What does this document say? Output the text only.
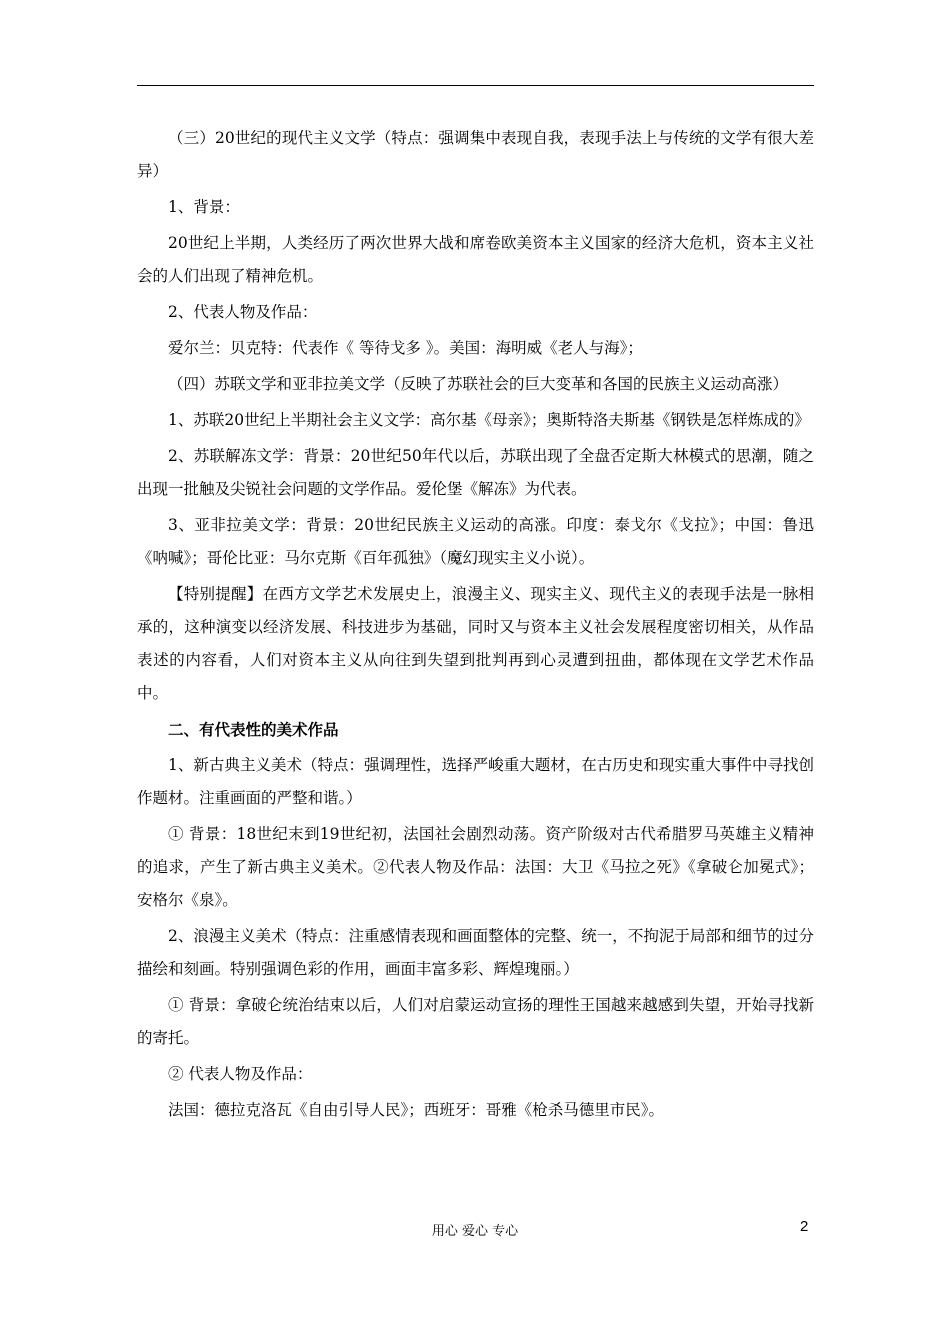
（三）20世纪的现代主义文学（特点：强调集中表现自我，表现手法上与传统的文学有很大差异）

1、背景：

20世纪上半期，人类经历了两次世界大战和席卷欧美资本主义国家的经济大危机，资本主义社会的人们出现了精神危机。

2、代表人物及作品：

爱尔兰：贝克特：代表作《 等待戈多 》。美国：海明威《老人与海》；

（四）苏联文学和亚非拉美文学（反映了苏联社会的巨大变革和各国的民族主义运动高涨）

1、苏联20世纪上半期社会主义文学：高尔基《母亲》；奥斯特洛夫斯基《钢铁是怎样炼成的》

2、苏联解冻文学：背景：20世纪50年代以后，苏联出现了全盘否定斯大林模式的思潮，随之出现一批触及尖锐社会问题的文学作品。爱伦堡《解冻》为代表。

3、亚非拉美文学：背景：20世纪民族主义运动的高涨。印度：泰戈尔《戈拉》；中国：鲁迅《呐喊》；哥伦比亚：马尔克斯《百年孤独》（魔幻现实主义小说）。

【特别提醒】在西方文学艺术发展史上，浪漫主义、现实主义、现代主义的表现手法是一脉相承的，这种演变以经济发展、科技进步为基础，同时又与资本主义社会发展程度密切相关，从作品表述的内容看，人们对资本主义从向往到失望到批判再到心灵遭到扭曲，都体现在文学艺术作品中。

二、有代表性的美术作品

1、新古典主义美术（特点：强调理性，选择严峻重大题材，在古历史和现实重大事件中寻找创作题材。注重画面的严整和谐。）

① 背景：18世纪末到19世纪初，法国社会剧烈动荡。资产阶级对古代希腊罗马英雄主义精神的追求，产生了新古典主义美术。②代表人物及作品：法国：大卫《马拉之死》《拿破仑加冕式》；安格尔《泉》。

2、浪漫主义美术（特点：注重感情表现和画面整体的完整、统一，不拘泥于局部和细节的过分描绘和刻画。特别强调色彩的作用，画面丰富多彩、辉煌瑰丽。）

① 背景：拿破仑统治结束以后，人们对启蒙运动宣扬的理性王国越来越感到失望，开始寻找新的寄托。

② 代表人物及作品：

法国：德拉克洛瓦《自由引导人民》；西班牙：哥雅《枪杀马德里市民》。

用心 爱心 专心	2
